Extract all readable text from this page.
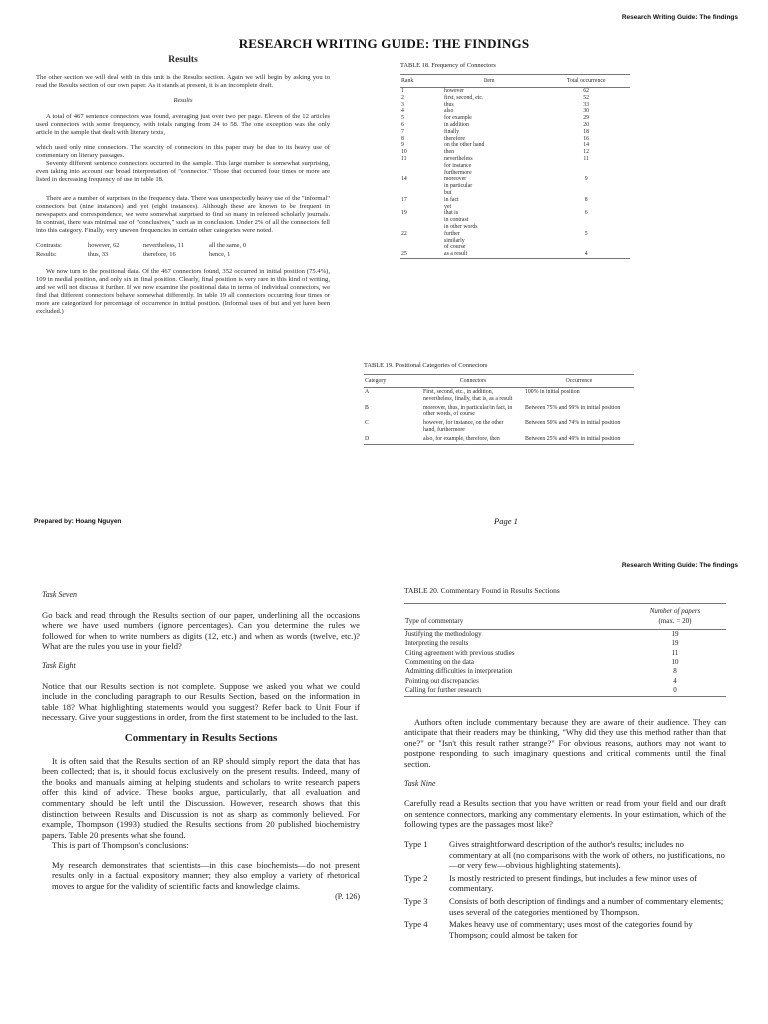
Research Writing Guide: The findings
RESEARCH WRITING GUIDE: THE FINDINGS
Results

The other section we will deal with in this unit is the Results section. Again we will begin by asking you to read the Results section of our own paper. As it stands at present, it is an incomplete draft.

Results

A total of 467 sentence connectors was found, averaging just over two per page. Eleven of the 12 articles used connectors with some frequency, with totals ranging from 24 to 58. The one exception was the only article in the sample that dealt with literary texts,

which used only nine connectors. The scarcity of connectors in this paper may be due to its heavy use of commentary on literary passages.

Seventy different sentence connectors occurred in the sample. This large number is somewhat surprising, even taking into account our broad interpretation of "connector." Those that occurred four times or more are listed in decreasing frequency of use in table 18.

There are a number of surprises in the frequency data. There was unexpectedly heavy use of the "informal" connectors but (nine instances) and yet (eight instances). Although these are known to be frequent in newspapers and correspondence, we were somewhat surprised to find so many in refereed scholarly journals. In contrast, there was minimal use of "conclusives," such as in conclusion. Under 2% of all the connectors fell into this category. Finally, very uneven frequencies in certain other categories were noted.

Contrasts:	however, 62	nevertheless, 11	all the same, 0
Results:	thus, 33	therefore, 16	hence, 1

We now turn to the positional data. Of the 467 connectors found, 352 occurred in initial position (75.4%), 109 in medial position, and only six in final position. Clearly, final position is very rare in this kind of writing, and we will not discuss it further. If we now examine the positional data in terms of individual connectors, we find that different connectors behave somewhat differently. In table 19 all connectors occurring four times or more are categorized for percentage of occurrence in initial position. (Informal uses of but and yet have been excluded.)

TABLE 18. Frequency of Connectors
Rank	Item	Total occurrence
1	however	62
2	first, second, etc.	52
3	thus	33
4	also	30
5	for example	29
6	in addition	20
7	finally	18
8	therefore	16
9	on the other hand	14
10	then	12
11	nevertheless	11
	for instance	
	furthermore	
14	moreover	9
	in particular	
	but	
17	in fact	8
	yet	
19	that is	6
	in contrast	
	in other words	
22	further	5
	similarly	
	of course	
25	as a result	4
TABLE 19. Positional Categories of Connectors
Category	Connectors	Occurrence
A	First, second, etc., in addition, nevertheless, finally, that is, as a result	100% in initial position
B	moreover, thus, in particular/in fact, in other words, of course	Between 75% and 99% in initial position
C	however, for instance, on the other hand, furthermore	Between 50% and 74% in initial position
D	also, for example, therefore, then	Between 25% and 49% in initial position
Prepared by: Hoang Nguyen	Page 1
Research Writing Guide: The findings
Task Seven

Go back and read through the Results section of our paper, underlining all the occasions where we have used numbers (ignore percentages). Can you determine the rules we followed for when to write numbers as digits (12, etc.) and when as words (twelve, etc.)? What are the rules you use in your field?

Task Eight

Notice that our Results section is not complete. Suppose we asked you what we could include in the concluding paragraph to our Results Section, based on the information in table 18? What highlighting statements would you suggest? Refer back to Unit Four if necessary. Give your suggestions in order, from the first statement to be included to the last.

Commentary in Results Sections

It is often said that the Results section of an RP should simply report the data that has been collected; that is, it should focus exclusively on the present results. Indeed, many of the books and manuals aiming at helping students and scholars to write research papers offer this kind of advice. These books argue, particularly, that all evaluation and commentary should be left until the Discussion. However, research shows that this distinction between Results and Discussion is not as sharp as commonly believed. For example, Thompson (1993) studied the Results sections from 20 published biochemistry papers. Table 20 presents what she found.

This is part of Thompson's conclusions:

My research demonstrates that scientists—in this case biochemists—do not present results only in a factual expository manner; they also employ a variety of rhetorical moves to argue for the validity of scientific facts and knowledge claims.

(P. 126)
TABLE 20. Commentary Found in Results Sections
Type of commentary	Number of papers
(max. = 20)

Justifying the methodology	19
Interpreting the results	19
Citing agreement with previous studies	11
Commenting on the data	10
Admitting difficulties in interpretation	8
Pointing out discrepancies	4
Calling for further research	0

Authors often include commentary because they are aware of their audience. They can anticipate that their readers may be thinking, "Why did they use this method rather than that one?" or "Isn't this result rather strange?" For obvious reasons, authors may not want to postpone responding to such imaginary questions and critical comments until the final section.

Task Nine

Carefully read a Results section that you have written or read from your field and our draft on sentence connectors, marking any commentary elements. In your estimation, which of the following types are the passages most like?

Type 1	Gives straightforward description of the author's results; includes no commentary at all (no comparisons with the work of others, no justifications, no—or very few—obvious highlighting statements).
Type 2	Is mostly restricted to present findings, but includes a few minor uses of commentary.
Type 3	Consists of both description of findings and a number of commentary elements; uses several of the categories mentioned by Thompson.
Type 4	Makes heavy use of commentary; uses most of the categories found by Thompson; could almost be taken for
